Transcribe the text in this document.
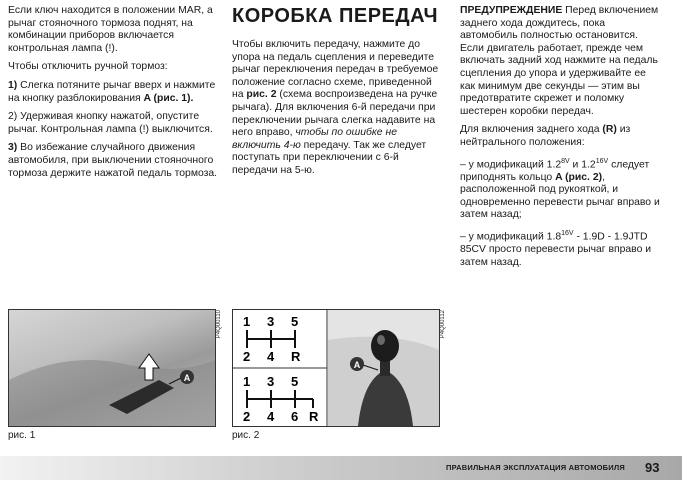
Если ключ находится в положении MAR, а рычаг стояночного тормоза поднят, на комбинации приборов включается контрольная лампа (!).

Чтобы отключить ручной тормоз:

1) Слегка потяните рычаг вверх и нажмите на кнопку разблокирования A (рис. 1).

2) Удерживая кнопку нажатой, опустите рычаг. Контрольная лампа (!) выключится.

3) Во избежание случайного движения автомобиля, при выключении стояночного тормоза держите нажатой педаль тормоза.

КОРОБКА ПЕРЕДАЧ

Чтобы включить передачу, нажмите до упора на педаль сцепления и переведите рычаг переключения передач в требуемое положение согласно схеме, приведенной на рис. 2 (схема воспроизведена на ручке рычага). Для включения 6-й передачи при переключении рычага слегка надавите на него вправо, чтобы по ошибке не включить 4-ю передачу. Так же следует поступать при переключении с 6-й передачи на 5-ю.

ПРЕДУПРЕЖДЕНИЕ Перед включением заднего хода дождитесь, пока автомобиль полностью остановится. Если двигатель работает, прежде чем включать задний ход нажмите на педаль сцепления до упора и удерживайте ее как минимум две секунды — этим вы предотвратите скрежет и поломку шестерен коробки передач.

Для включения заднего хода (R) из нейтрального положения:

– у модификаций $1.2^{8V}$ и $1.2^{16V}$ следует приподнять кольцо A (рис. 2), расположенной под рукояткой, и одновременно перевести рычаг вправо и затем назад;

– у модификаций $1.8^{16V} - 1.9D - 1.9JTD$ 85CV просто перевести рычаг вправо и затем назад.

A
P4Q00110
рис. 1
1 3 5
2 4 R
1 3 5
2 4 6 R
A
P4Q00112
рис. 2
ПРАВИЛЬНАЯ ЭКСПЛУАТАЦИЯ АВТОМОБИЛЯ 93
